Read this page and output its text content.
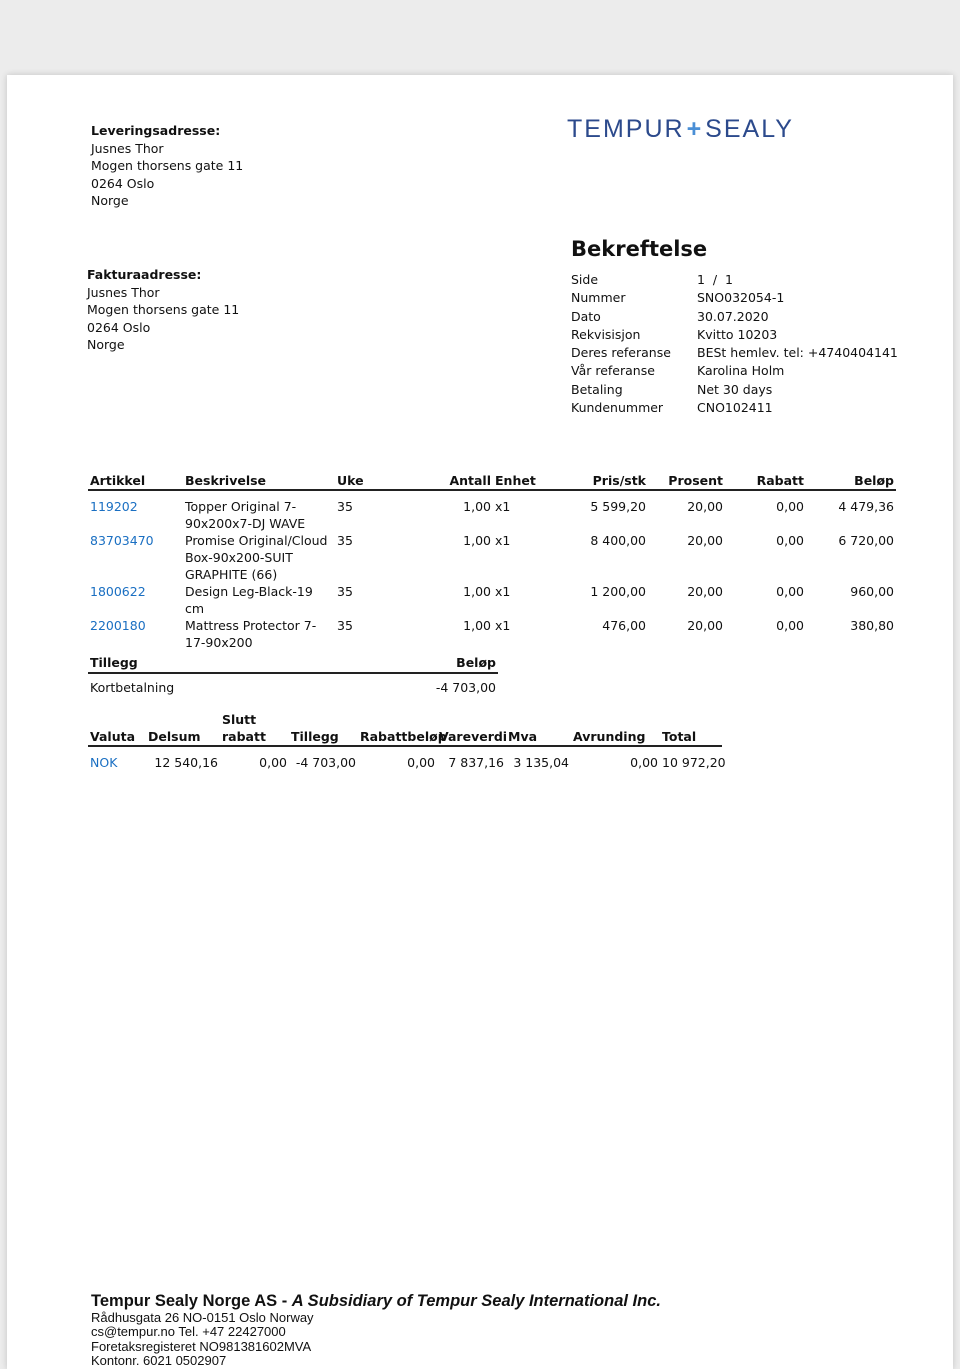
Leveringsadresse:
Jusnes Thor
Mogen thorsens gate 11
0264 Oslo
Norge
Fakturaadresse:
Jusnes Thor
Mogen thorsens gate 11
0264 Oslo
Norge
TEMPUR+SEALY
Bekreftelse
Side	1  /  1
Nummer	SNO032054-1
Dato	30.07.2020
Rekvisisjon	Kvitto 10203
Deres referanse BESt hemlev. tel: +4740404141
Vår referanse	Karolina Holm
Betaling	Net 30 days
Kundenummer	CNO102411
Artikkel	Beskrivelse	Uke	Antall	Enhet	Pris/stk	Prosent	Rabatt	Beløp
119202	Topper Original 7-90x200x7-DJ WAVE	35	1,00	x1	5 599,20	20,00	0,00	4 479,36
83703470	Promise Original/Cloud Box-90x200-SUIT GRAPHITE (66)	35	1,00	x1	8 400,00	20,00	0,00	6 720,00
1800622	Design Leg-Black-19 cm	35	1,00	x1	1 200,00	20,00	0,00	960,00
2200180	Mattress Protector 7-17-90x200	35	1,00	x1	476,00	20,00	0,00	380,80
Tillegg	Beløp
Kortbetalning	-4 703,00
Valuta	Delsum	Slutt rabatt	Tillegg	Rabattbeløp	Vareverdi	Mva	Avrunding	Total
NOK	12 540,16	0,00	-4 703,00	0,00	7 837,16	3 135,04	0,00	10 972,20
Tempur Sealy Norge AS - A Subsidiary of Tempur Sealy International Inc.
Rådhusgata 26 NO-0151 Oslo Norway
cs@tempur.no Tel. +47 22427000
Foretaksregisteret NO981381602MVA
Kontonr. 6021 0502907
